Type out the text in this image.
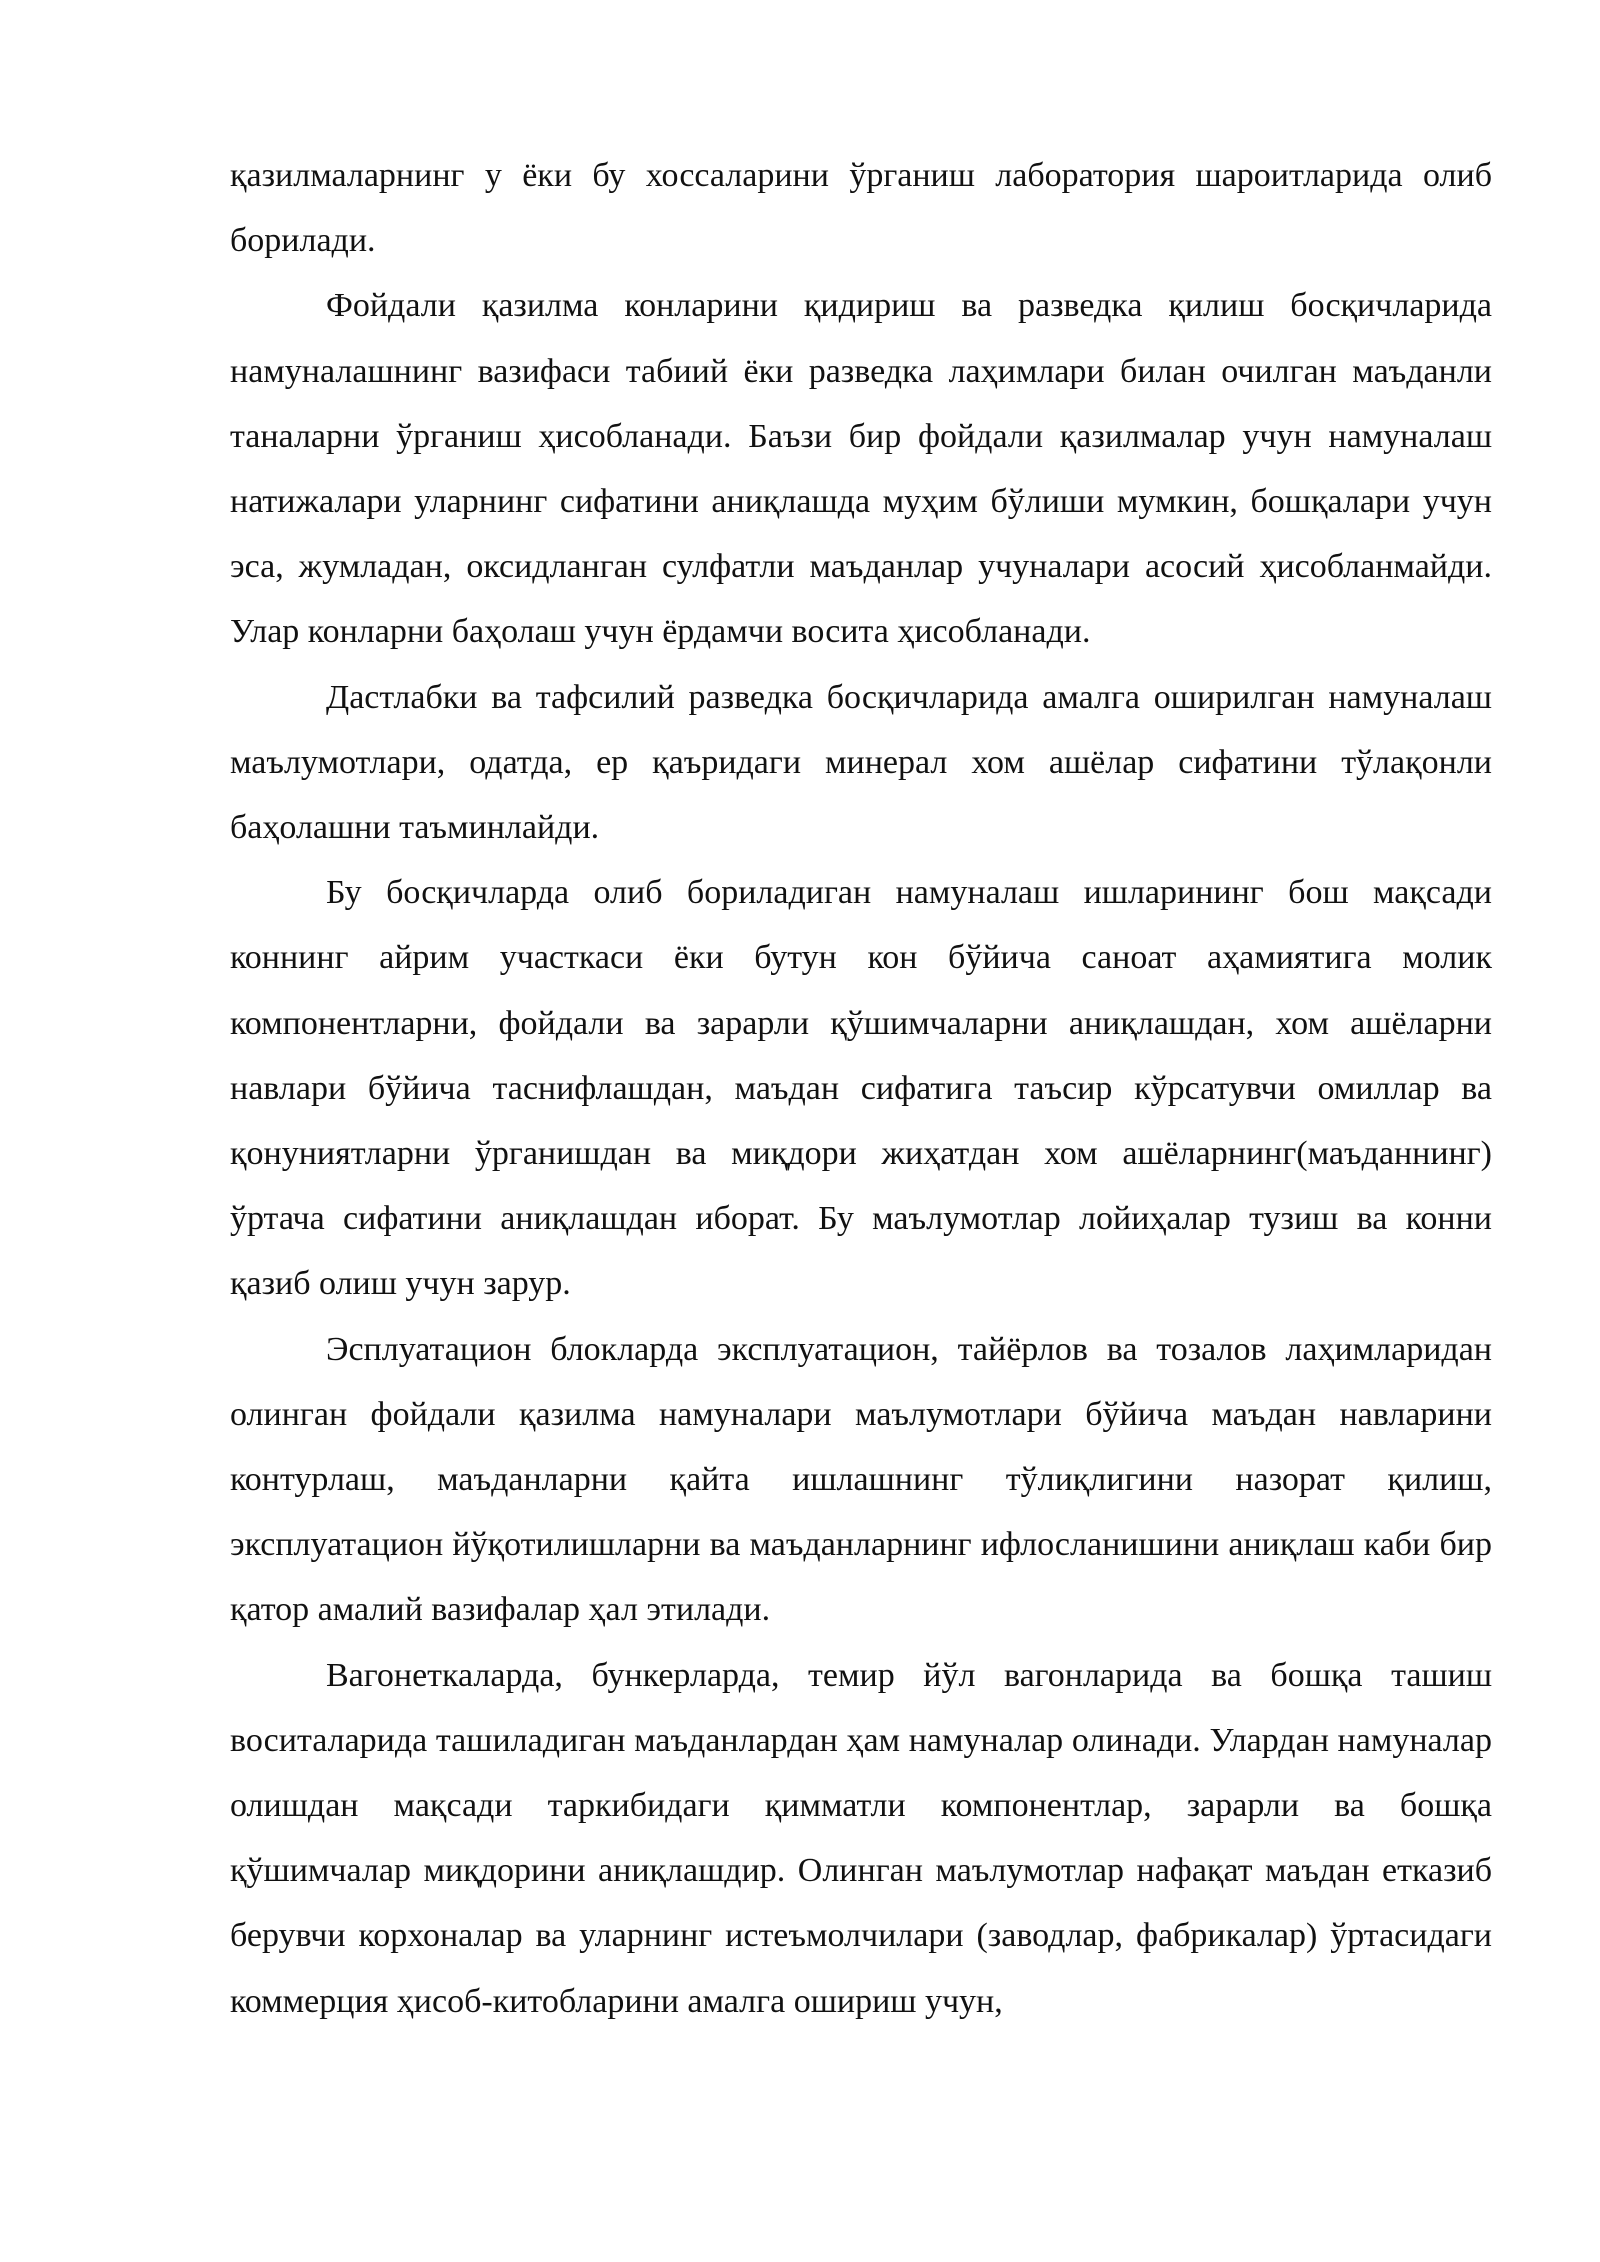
қазилмаларнинг у ёки бу хоссаларини ўрганиш лаборатория шароитларида олиб борилади.

Фойдали қазилма конларини қидириш ва разведка қилиш босқичларида намуналашнинг вазифаси табиий ёки разведка лаҳимлари билан очилган маъданли таналарни ўрганиш ҳисобланади. Баъзи бир фойдали қазилмалар учун намуналаш натижалари уларнинг сифатини аниқлашда муҳим бўлиши мумкин, бошқалари учун эса, жумладан, оксидланган сулфатли маъданлар учуналари асосий ҳисобланмайди. Улар конларни баҳолаш учун ёрдамчи восита ҳисобланади.

Дастлабки ва тафсилий разведка босқичларида амалга оширилган намуналаш маълумотлари, одатда, ер қаъридаги минерал хом ашёлар сифатини тўлақонли баҳолашни таъминлайди.

Бу босқичларда олиб бориладиган намуналаш ишларининг бош мақсади коннинг айрим участкаси ёки бутун кон бўйича саноат аҳамиятига молик компонентларни, фойдали ва зарарли қўшимчаларни аниқлашдан, хом ашёларни навлари бўйича таснифлашдан, маъдан сифатига таъсир кўрсатувчи омиллар ва қонуниятларни ўрганишдан ва миқдори жиҳатдан хом ашёларнинг(маъданнинг) ўртача сифатини аниқлашдан иборат. Бу маълумотлар лойиҳалар тузиш ва конни қазиб олиш учун зарур.

Эсплуатацион блокларда эксплуатацион, тайёрлов ва тозалов лаҳимларидан олинган фойдали қазилма намуналари маълумотлари бўйича маъдан навларини контурлаш, маъданларни қайта ишлашнинг тўлиқлигини назорат қилиш, эксплуатацион йўқотилишларни ва маъданларнинг ифлосланишини аниқлаш каби бир қатор амалий вазифалар ҳал этилади.

Вагонеткаларда, бункерларда, темир йўл вагонларида ва бошқа ташиш воситаларида ташиладиган маъданлардан ҳам намуналар олинади. Улардан намуналар олишдан мақсади таркибидаги қимматли компонентлар, зарарли ва бошқа қўшимчалар миқдорини аниқлашдир. Олинган маълумотлар нафақат маъдан етказиб берувчи корхоналар ва уларнинг истеъмолчилари (заводлар, фабрикалар) ўртасидаги коммерция ҳисоб-китобларини амалга ошириш учун,
